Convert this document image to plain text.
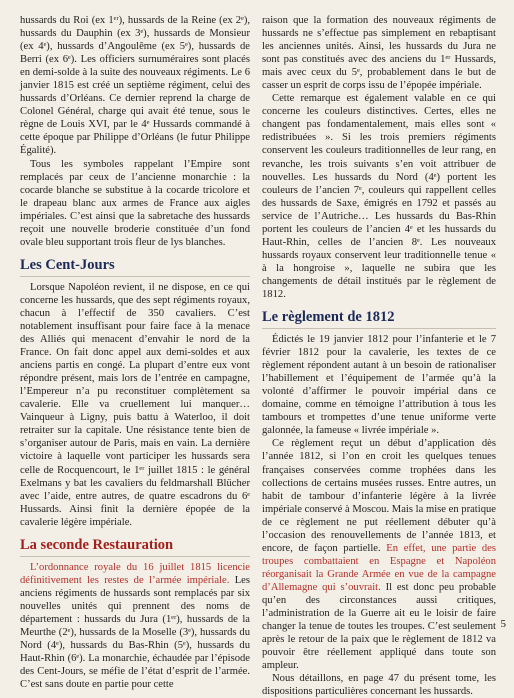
hussards du Roi (ex 1ᵉʳ), hussards de la Reine (ex 2ᵉ), hussards du Dauphin (ex 3ᵉ), hussards de Monsieur (ex 4ᵉ), hussards d’Angoulême (ex 5ᵉ), hussards de Berri (ex 6ᵉ). Les officiers surnuméraires sont placés en demi-solde à la suite des nouveaux régiments. Le 6 janvier 1815 est créé un septième régiment, celui des hussards d’Orléans. Ce dernier reprend la charge de Colonel Général, charge qui avait été tenue, sous le règne de Louis XVI, par le 4ᵉ Hussards commandé à cette époque par Philippe d’Orléans (le futur Philippe Égalité).

Tous les symboles rappelant l’Empire sont remplacés par ceux de l’ancienne monarchie : la cocarde blanche se substitue à la cocarde tricolore et le drapeau blanc aux armes de France aux aigles impériales. C’est ainsi que la sabretache des hussards reçoit une nouvelle broderie constituée d’un fond ovale bleu supportant trois fleur de lys blanches.

Les Cent-Jours

Lorsque Napoléon revient, il ne dispose, en ce qui concerne les hussards, que des sept régiments royaux, chacun à l’effectif de 350 cavaliers. C’est notablement insuffisant pour faire face à la menace des Alliés qui menacent d’envahir le nord de la France. On fait donc appel aux demi-soldes et aux anciens partis en congé. La plupart d’entre eux vont répondre présent, mais lors de l’entrée en campagne, l’Empereur n’a pu reconstituer complètement sa cavalerie. Elle va cruellement lui manquer… Vainqueur à Ligny, puis battu à Waterloo, il doit retraiter sur la capitale. Une résistance tente bien de s’organiser autour de Paris, mais en vain. La dernière victoire à laquelle vont participer les hussards sera celle de Rocquencourt, le 1ᵉʳ juillet 1815 : le général Exelmans y bat les cavaliers du feldmarshall Blücher avec l’aide, entre autres, de quatre escadrons du 6ᵉ Hussards. Ainsi finit la dernière épopée de la cavalerie légère impériale.

La seconde Restauration

L’ordonnance royale du 16 juillet 1815 licencie définitivement les restes de l’armée impériale. Les anciens régiments de hussards sont remplacés par six nouvelles unités qui prennent des noms de département : hussards du Jura (1ᵉʳ), hussards de la Meurthe (2ᵉ), hussards de la Moselle (3ᵉ), hussards du Nord (4ᵉ), hussards du Bas-Rhin (5ᵉ), hussards du Haut-Rhin (6ᵉ). La monarchie, échaudée par l’épisode des Cent-Jours, se méfie de l’état d’esprit de l’armée. C’est sans doute en partie pour cette

raison que la formation des nouveaux régiments de hussards ne s’effectue pas simplement en rebaptisant les anciennes unités. Ainsi, les hussards du Jura ne sont pas constitués avec des anciens du 1ᵉʳ Hussards, mais avec ceux du 5ᵉ, probablement dans le but de casser un esprit de corps issu de l’épopée impériale.

Cette remarque est également valable en ce qui concerne les couleurs distinctives. Certes, elles ne changent pas fondamentalement, mais elles sont « redistribuées ». Si les trois premiers régiments conservent les couleurs traditionnelles de leur rang, en revanche, les trois suivants s’en voit attribuer de nouvelles. Les hussards du Nord (4ᵉ) portent les couleurs de l’ancien 7ᵉ, couleurs qui rappellent celles des hussards de Saxe, émigrés en 1792 et passés au service de l’Autriche… Les hussards du Bas-Rhin portent les couleurs de l’ancien 4ᵉ et les hussards du Haut-Rhin, celles de l’ancien 8ᵉ. Les nouveaux hussards royaux conservent leur traditionnelle tenue « à la hongroise », laquelle ne subira que les changements de détail institués par le règlement de 1812.

Le règlement de 1812

Édictés le 19 janvier 1812 pour l’infanterie et le 7 février 1812 pour la cavalerie, les textes de ce règlement répondent autant à un besoin de rationaliser l’habillement et l’équipement de l’armée qu’à la volonté d’affirmer le pouvoir impérial dans ce domaine, comme en témoigne l’attribution à tous les tambours et trompettes d’une tenue uniforme verte galonnée, la fameuse « livrée impériale ».

Ce règlement reçut un début d’application dès l’année 1812, si l’on en croit les quelques tenues françaises conservées comme trophées dans les collections de certains musées russes. Entre autres, un habit de tambour d’infanterie légère à la livrée impériale conservé à Moscou. Mais la mise en pratique de ce règlement ne put réellement débuter qu’à l’occasion des renouvellements de l’année 1813, et encore, de façon partielle. En effet, une partie des troupes combattaient en Espagne et Napoléon réorganisait la Grande Armée en vue de la campagne d’Allemagne qui s’ouvrait. Il est donc peu probable qu’en des circonstances aussi critiques, l’administration de la Guerre ait eu le loisir de faire changer la tenue de toutes les troupes. C’est seulement après le retour de la paix que le règlement de 1812 va pouvoir être réellement appliqué dans toute son ampleur.

Nous détaillons, en page 47 du présent tome, les dispositions particulières concernant les hussards.

5
